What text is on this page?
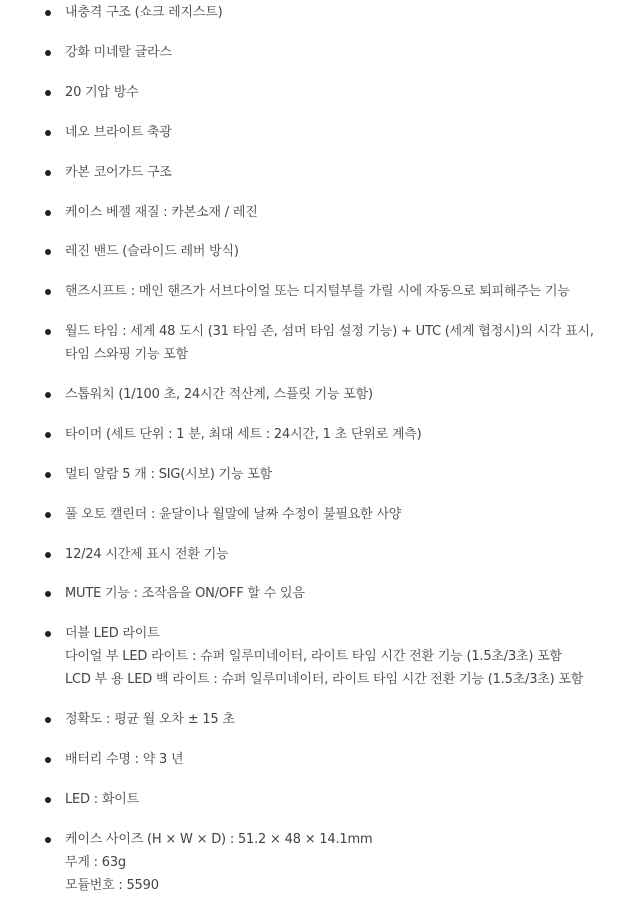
내충격 구조 (쇼크 레지스트)
강화 미네랄 글라스
20 기압 방수
네오 브라이트 축광
카본 코어가드 구조
케이스 베젤 재질 : 카본소재 / 레진
레진 밴드 (슬라이드 레버 방식)
핸즈시프트 : 메인 핸즈가 서브다이얼 또는 디지털부를 가릴 시에 자동으로 퇴피해주는 기능
월드 타임 : 세계 48 도시 (31 타임 존, 섬머 타임 설정 기능) + UTC (세계 협정시)의 시각 표시,
타임 스와핑 기능 포함
스톱워치 (1/100 초, 24시간 적산계, 스플릿 기능 포함)
타이머 (세트 단위 : 1 분, 최대 세트 : 24시간, 1 초 단위로 계측)
멀티 알람 5 개 : SIG(시보) 기능 포함
풀 오토 캘린더 : 윤달이나 월말에 날짜 수정이 불필요한 사양
12/24 시간제 표시 전환 기능
MUTE 기능 : 조작음을 ON/OFF 할 수 있음
더블 LED 라이트
다이얼 부 LED 라이트 : 슈퍼 일루미네이터, 라이트 타임 시간 전환 기능 (1.5초/3초) 포함
LCD 부 용 LED 백 라이트 : 슈퍼 일루미네이터, 라이트 타임 시간 전환 기능 (1.5초/3초) 포함
정확도 : 평균 월 오차 ± 15 초
배터리 수명 : 약 3 년
LED : 화이트
케이스 사이즈 (H × W × D) : 51.2 × 48 × 14.1mm
무게 : 63g
모듈번호 : 5590
